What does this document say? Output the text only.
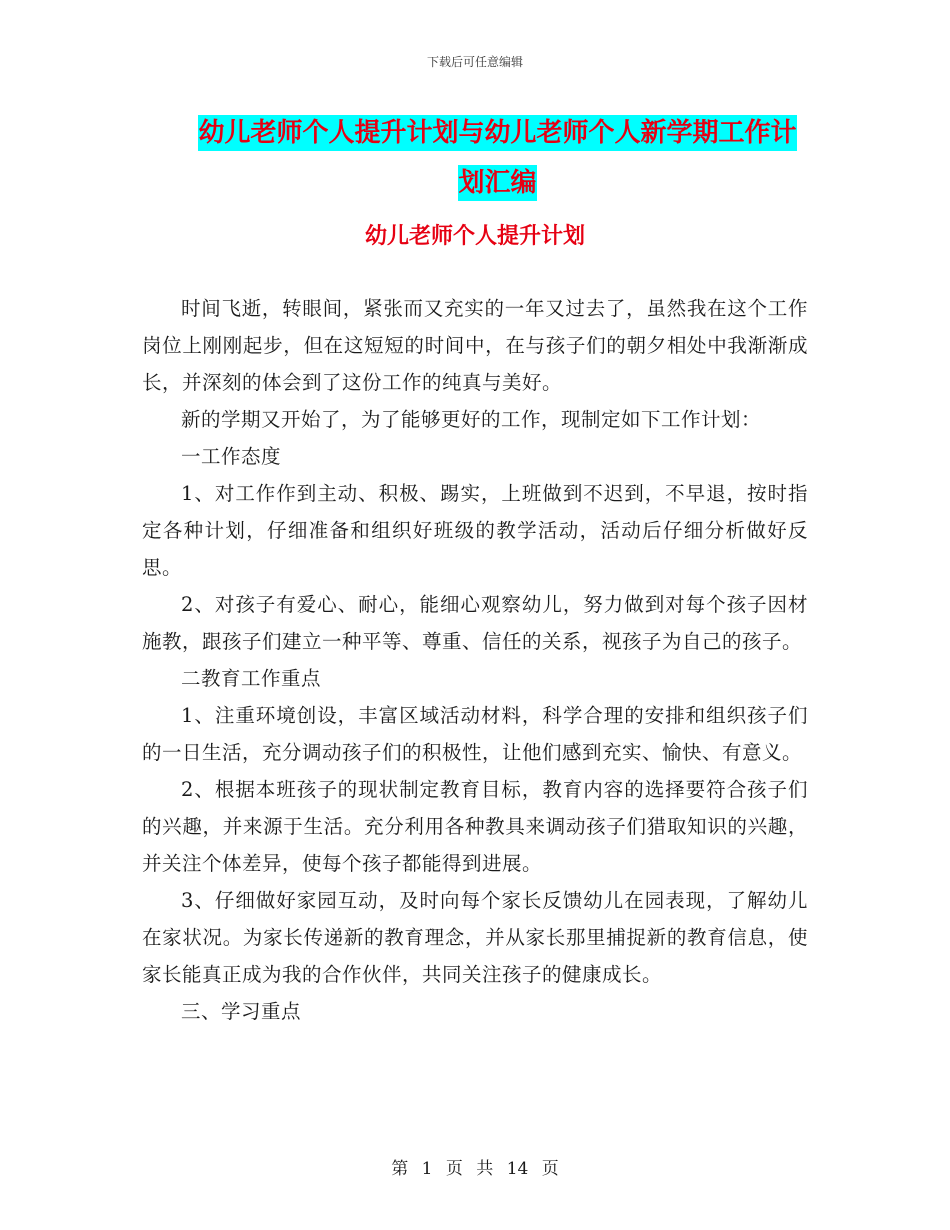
下载后可任意编辑
幼儿老师个人提升计划与幼儿老师个人新学期工作计划汇编
幼儿老师个人提升计划

时间飞逝，转眼间，紧张而又充实的一年又过去了，虽然我在这个工作岗位上刚刚起步，但在这短短的时间中，在与孩子们的朝夕相处中我渐渐成长，并深刻的体会到了这份工作的纯真与美好。

新的学期又开始了，为了能够更好的工作，现制定如下工作计划：

一工作态度

1、对工作作到主动、积极、踢实，上班做到不迟到，不早退，按时指定各种计划，仔细准备和组织好班级的教学活动，活动后仔细分析做好反思。

2、对孩子有爱心、耐心，能细心观察幼儿，努力做到对每个孩子因材施教，跟孩子们建立一种平等、尊重、信任的关系，视孩子为自己的孩子。

二教育工作重点

1、注重环境创设，丰富区域活动材料，科学合理的安排和组织孩子们的一日生活，充分调动孩子们的积极性，让他们感到充实、愉快、有意义。

2、根据本班孩子的现状制定教育目标，教育内容的选择要符合孩子们的兴趣，并来源于生活。充分利用各种教具来调动孩子们猎取知识的兴趣，并关注个体差异，使每个孩子都能得到进展。

3、仔细做好家园互动，及时向每个家长反馈幼儿在园表现，了解幼儿在家状况。为家长传递新的教育理念，并从家长那里捕捉新的教育信息，使家长能真正成为我的合作伙伴，共同关注孩子的健康成长。

三、学习重点

第 1 页 共 14 页
